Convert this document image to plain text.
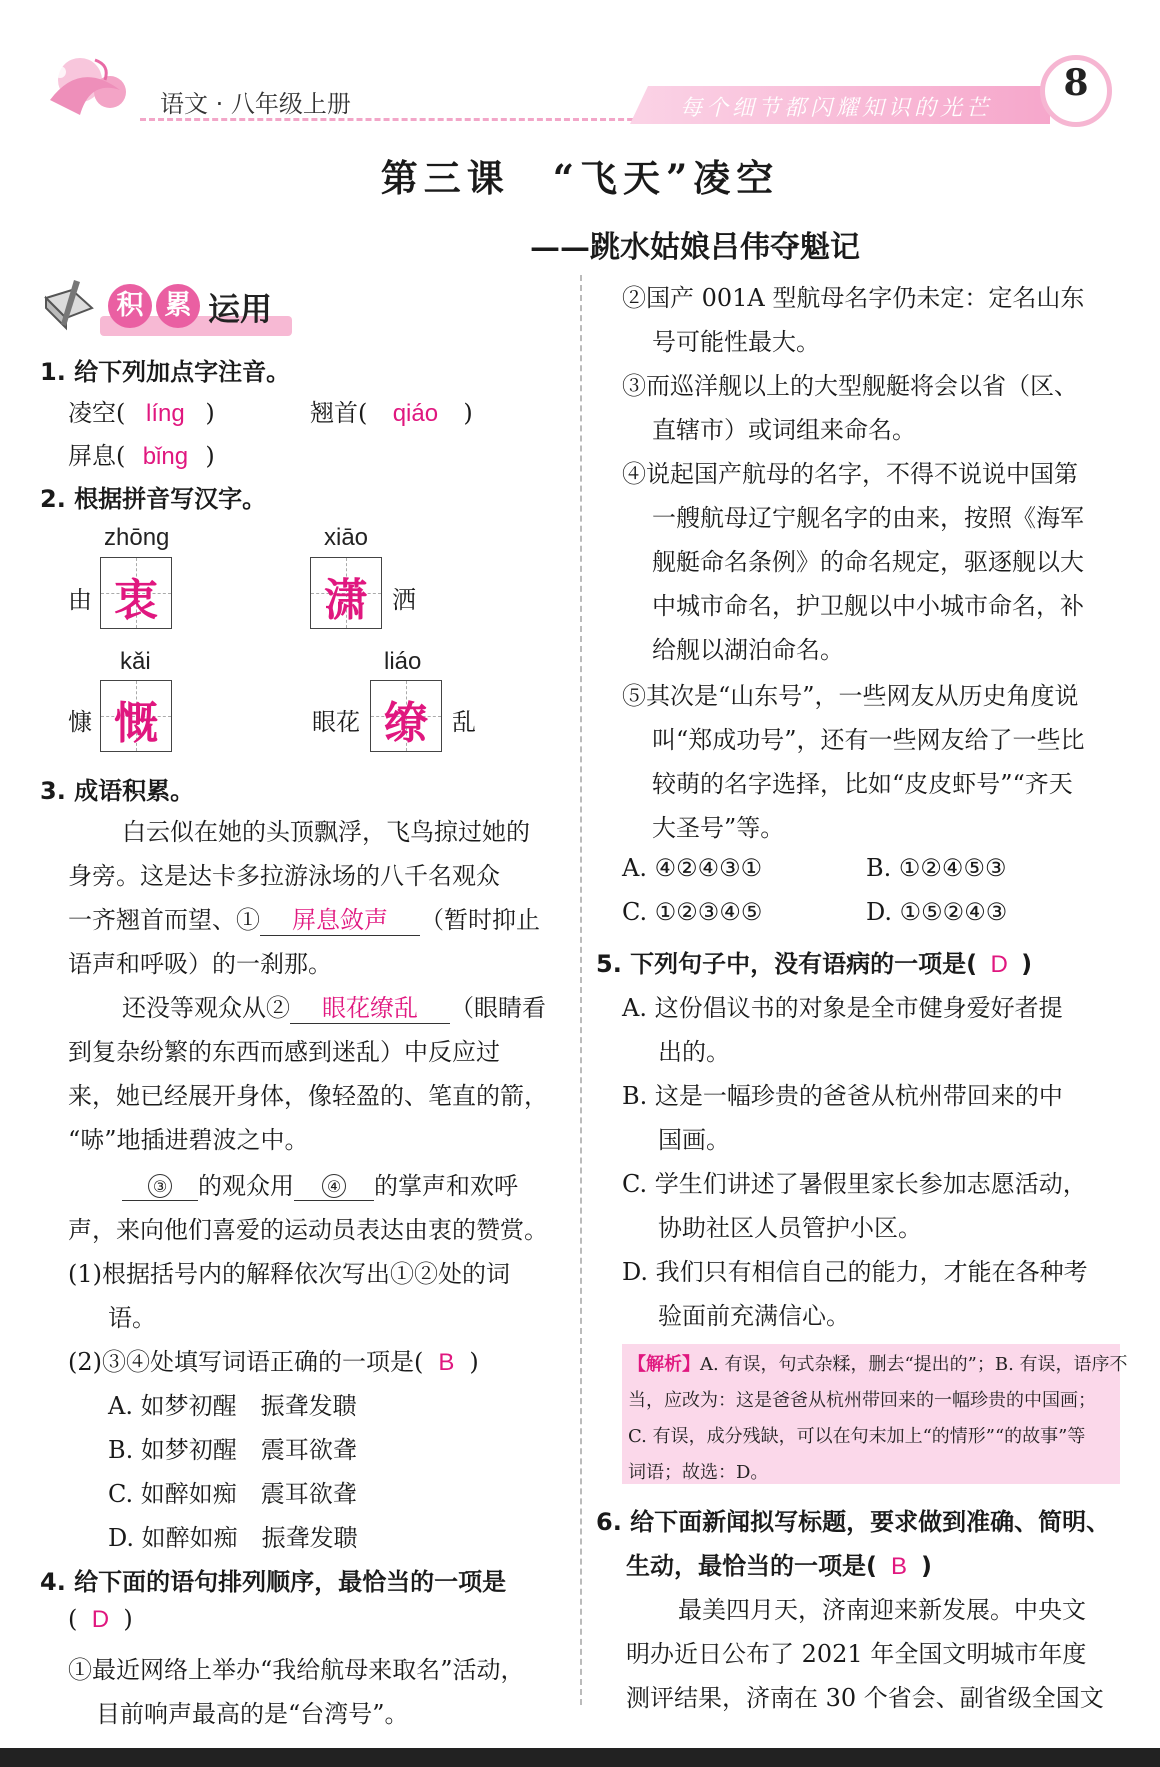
语文 · 八年级上册	每个细节都闪耀知识的光芒
8
第三课　“飞天”凌空
——跳水姑娘吕伟夺魁记
积 累 运用
1. 给下列加点字注音。
凌空( líng )	翘首( qiáo )
屏息( bǐng )
2. 根据拼音写汉字。
zhōng
由 衷
xiāo
潇	洒
kǎi
慷 慨
liáo
眼花 缭	乱
3. 成语积累。
白云似在她的头顶飘浮，飞鸟掠过她的
身旁。这是达卡多拉游泳场的八千名观众
一齐翘首而望、① 屏息敛声 （暂时抑止
语声和呼吸）的一刹那。
还没等观众从② 眼花缭乱 （眼睛看
到复杂纷繁的东西而感到迷乱）中反应过
来，她已经展开身体，像轻盈的、笔直的箭，
“哧”地插进碧波之中。
③ 的观众用 ④ 的掌声和欢呼
声，来向他们喜爱的运动员表达由衷的赞赏。
(1)根据括号内的解释依次写出①②处的词
语。
(2)③④处填写词语正确的一项是( B )
A. 如梦初醒　振聋发聩
B. 如梦初醒　震耳欲聋
C. 如醉如痴　震耳欲聋
D. 如醉如痴　振聋发聩
4. 给下面的语句排列顺序，最恰当的一项是
( D )
①最近网络上举办“我给航母来取名”活动，
目前响声最高的是“台湾号”。
②国产 001A 型航母名字仍未定：定名山东
号可能性最大。
③而巡洋舰以上的大型舰艇将会以省（区、
直辖市）或词组来命名。
④说起国产航母的名字，不得不说说中国第
一艘航母辽宁舰名字的由来，按照《海军
舰艇命名条例》的命名规定，驱逐舰以大
中城市命名，护卫舰以中小城市命名，补
给舰以湖泊命名。
⑤其次是“山东号”，一些网友从历史角度说
叫“郑成功号”，还有一些网友给了一些比
较萌的名字选择，比如“皮皮虾号”“齐天
大圣号”等。
A. ④②④③①	B. ①②④⑤③
C. ①②③④⑤	D. ①⑤②④③
5. 下列句子中，没有语病的一项是( D )
A. 这份倡议书的对象是全市健身爱好者提
出的。
B. 这是一幅珍贵的爸爸从杭州带回来的中
国画。
C. 学生们讲述了暑假里家长参加志愿活动，
协助社区人员管护小区。
D. 我们只有相信自己的能力，才能在各种考
验面前充满信心。
【解析】A. 有误，句式杂糅，删去“提出的”；B. 有误，语序不
当，应改为：这是爸爸从杭州带回来的一幅珍贵的中国画；
C. 有误，成分残缺，可以在句末加上“的情形”“的故事”等
词语；故选：D。
6. 给下面新闻拟写标题，要求做到准确、简明、
生动，最恰当的一项是( B )
最美四月天，济南迎来新发展。中央文
明办近日公布了 2021 年全国文明城市年度
测评结果，济南在 30 个省会、副省级全国文
